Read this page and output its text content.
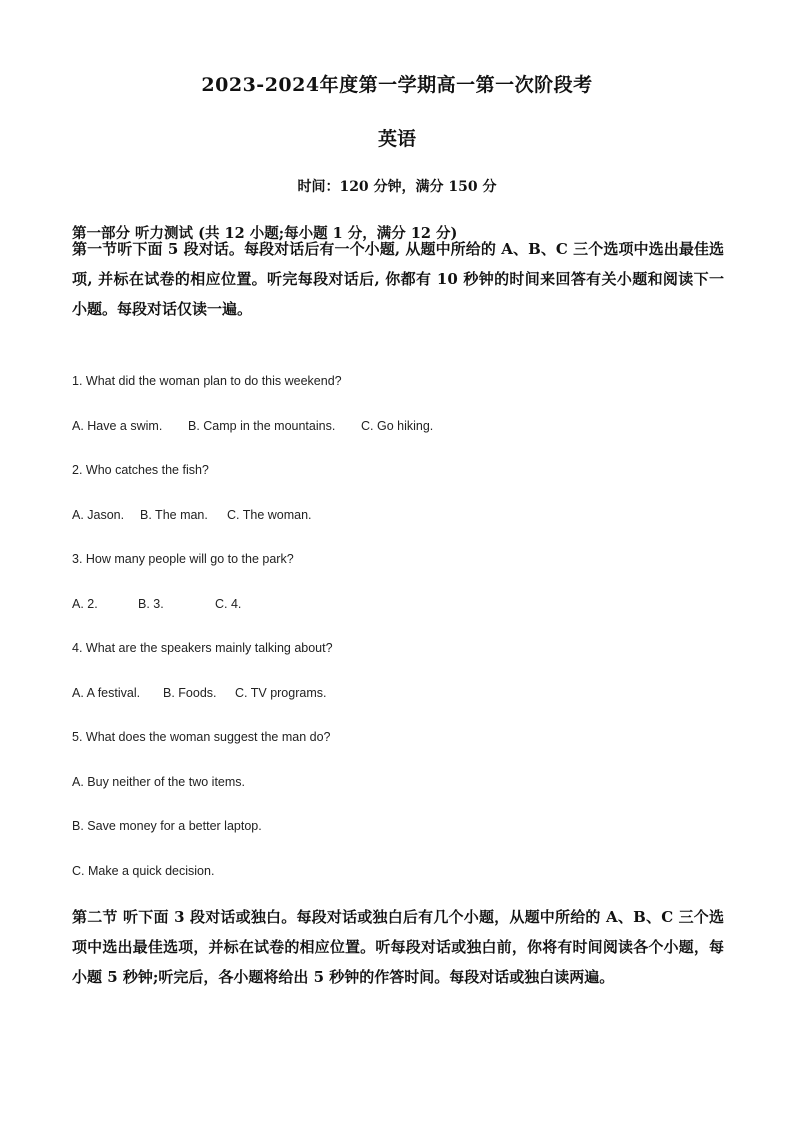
2023-2024年度第一学期高一第一次阶段考
英语
时间：120 分钟，满分 150 分
第一部分 听力测试 (共 12 小题;每小题 1 分，满分 12 分)
第一节听下面 5 段对话。每段对话后有一个小题, 从题中所给的 A、B、C 三个选项中选出最佳选项, 并标在试卷的相应位置。听完每段对话后, 你都有 10 秒钟的时间来回答有关小题和阅读下一小题。每段对话仅读一遍。
1. What did the woman plan to do this weekend?
A. Have a swim. B. Camp in the mountains. C. Go hiking.
2. Who catches the fish?
A. Jason. B. The man. C. The woman.
3. How many people will go to the park?
A. 2.	B. 3.	C. 4.
4. What are the speakers mainly talking about?
A. A festival. B. Foods. C. TV programs.
5. What does the woman suggest the man do?
A. Buy neither of the two items.
B. Save money for a better laptop.
C. Make a quick decision.
第二节 听下面 3 段对话或独白。每段对话或独白后有几个小题，从题中所给的 A、B、C 三个选项中选出最佳选项，并标在试卷的相应位置。听每段对话或独白前，你将有时间阅读各个小题，每小题 5 秒钟;听完后，各小题将给出 5 秒钟的作答时间。每段对话或独白读两遍。
